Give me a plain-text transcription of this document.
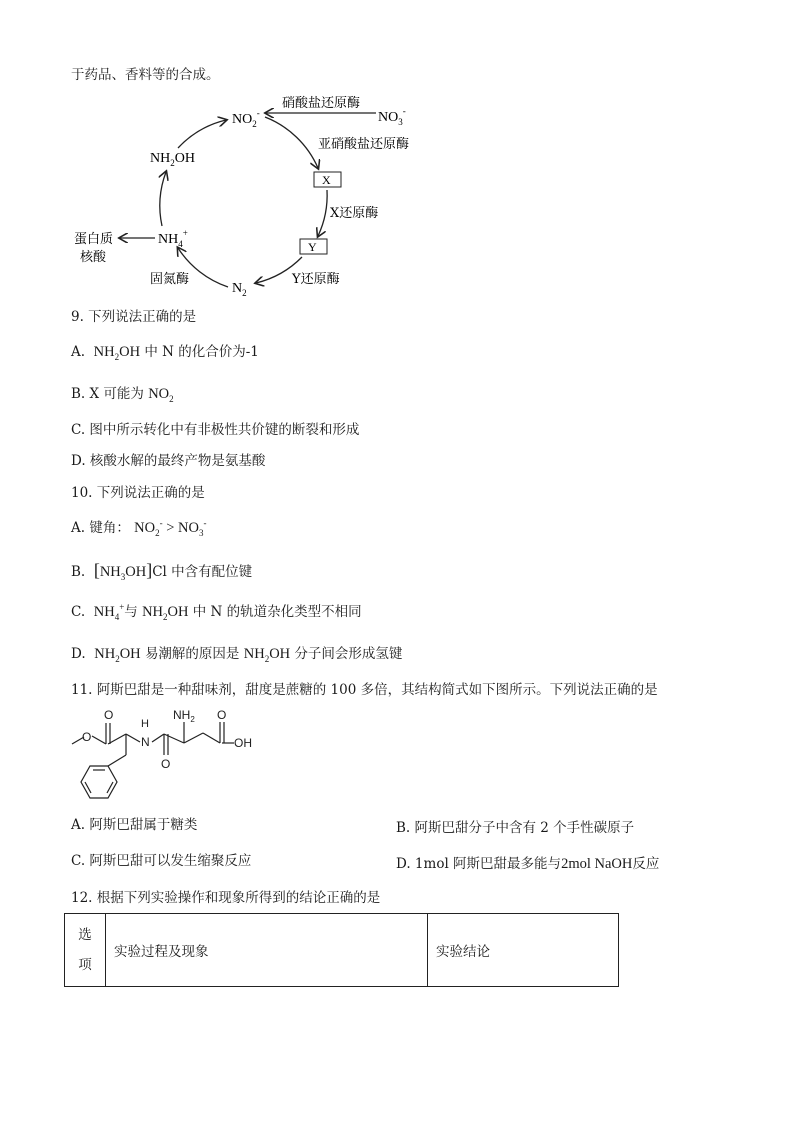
于药品、香料等的合成。
$NO_2^-$	$NO_3^-$
$NH_2OH$
$NH_4^+$
$N_2$
X
Y
蛋白质
核酸
硝酸盐还原酶
亚硝酸盐还原酶
X还原酶
Y还原酶
固氮酶
9. 下列说法正确的是
A. $NH_2OH$ 中 N 的化合价为-1
B. X 可能为 $NO_2$
C. 图中所示转化中有非极性共价键的断裂和形成
D. 核酸水解的最终产物是氨基酸
10. 下列说法正确的是
A. 键角： $NO_2^- > NO_3^-$
B. $[NH_3OH]Cl$ 中含有配位键
C. $NH_4^+$与 $NH_2OH$ 中 N 的轨道杂化类型不相同
D. $NH_2OH$ 易潮解的原因是 $NH_2OH$ 分子间会形成氢键
11. 阿斯巴甜是一种甜味剂，甜度是蔗糖的 100 多倍，其结构简式如下图所示。下列说法正确的是
O
O
H
N
O
$NH_2$ O
OH
A. 阿斯巴甜属于糖类	B. 阿斯巴甜分子中含有 2 个手性碳原子
C. 阿斯巴甜可以发生缩聚反应	D. 1mol 阿斯巴甜最多能与2mol NaOH反应
12. 根据下列实验操作和现象所得到的结论正确的是
选
项	实验过程及现象	实验结论
